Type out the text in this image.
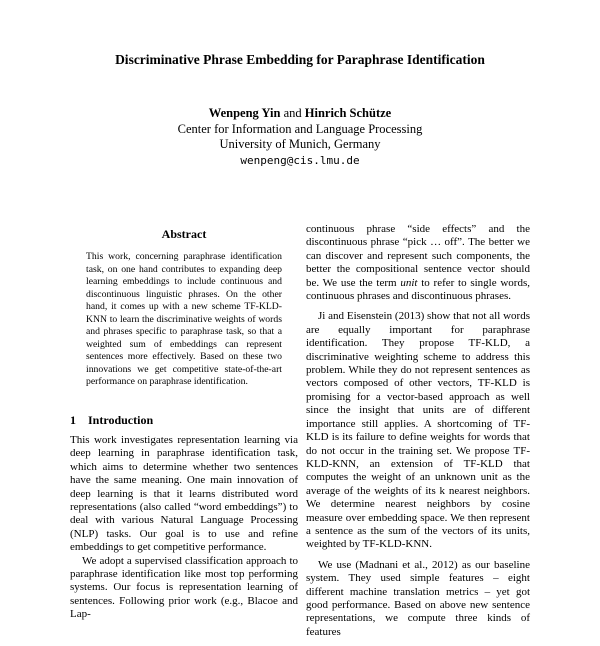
Discriminative Phrase Embedding for Paraphrase Identification
Wenpeng Yin and Hinrich Schütze
Center for Information and Language Processing
University of Munich, Germany
wenpeng@cis.lmu.de
Abstract
This work, concerning paraphrase identification task, on one hand contributes to expanding deep learning embeddings to include continuous and discontinuous linguistic phrases. On the other hand, it comes up with a new scheme TF-KLD-KNN to learn the discriminative weights of words and phrases specific to paraphrase task, so that a weighted sum of embeddings can represent sentences more effectively. Based on these two innovations we get competitive state-of-the-art performance on paraphrase identification.
1 Introduction

This work investigates representation learning via deep learning in paraphrase identification task, which aims to determine whether two sentences have the same meaning. One main innovation of deep learning is that it learns distributed word representations (also called “word embeddings”) to deal with various Natural Language Processing (NLP) tasks. Our goal is to use and refine embeddings to get competitive performance.

We adopt a supervised classification approach to paraphrase identification like most top performing systems. Our focus is representation learning of sentences. Following prior work (e.g., Blacoe and Lap-

continuous phrase “side effects” and the discontinuous phrase “pick … off”. The better we can discover and represent such components, the better the compositional sentence vector should be. We use the term unit to refer to single words, continuous phrases and discontinuous phrases.

Ji and Eisenstein (2013) show that not all words are equally important for paraphrase identification. They propose TF-KLD, a discriminative weighting scheme to address this problem. While they do not represent sentences as vectors composed of other vectors, TF-KLD is promising for a vector-based approach as well since the insight that units are of different importance still applies. A shortcoming of TF-KLD is its failure to define weights for words that do not occur in the training set. We propose TF-KLD-KNN, an extension of TF-KLD that computes the weight of an unknown unit as the average of the weights of its k nearest neighbors. We determine nearest neighbors by cosine measure over embedding space. We then represent a sentence as the sum of the vectors of its units, weighted by TF-KLD-KNN.

We use (Madnani et al., 2012) as our baseline system. They used simple features – eight different machine translation metrics – yet got good performance. Based on above new sentence representations, we compute three kinds of features
